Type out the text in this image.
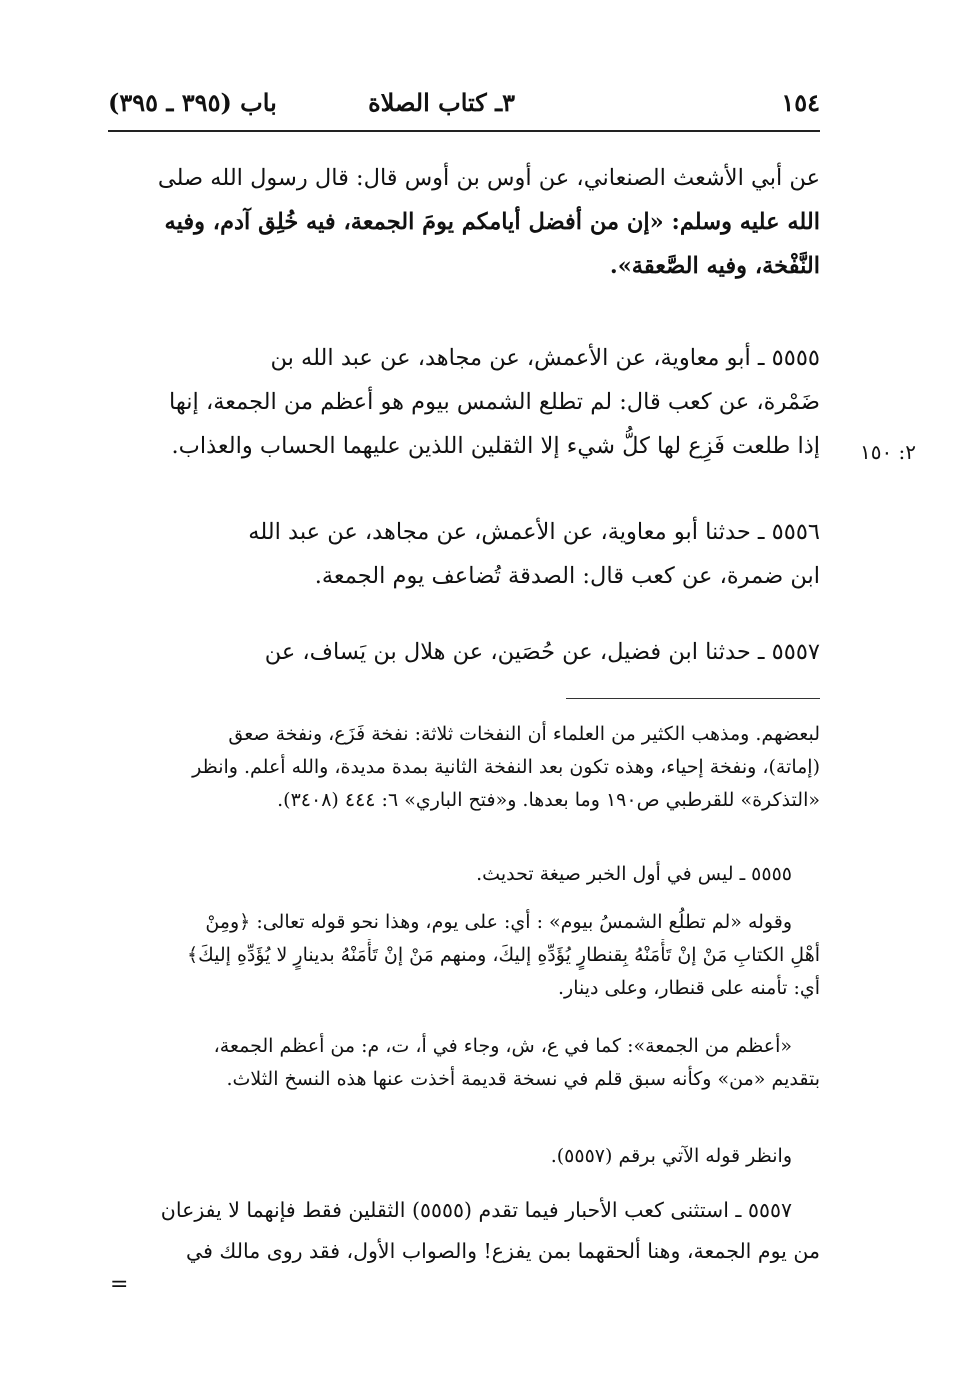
١٥٤
٣ـ كتاب الصلاة
باب (٣٩٥ ـ ٣٩٥)
عن أبي الأشعث الصنعاني، عن أوس بن أوس قال: قال رسول الله صلى
الله عليه وسلم: «إن من أفضل أيامكم يومَ الجمعة، فيه خُلِق آدم، وفيه
النَّفْخة، وفيه الصَّعقة».
٥٥٥٥ ـ أبو معاوية، عن الأعمش، عن مجاهد، عن عبد الله بن
ضَمْرة، عن كعب قال: لم تطلع الشمس بيوم هو أعظم من الجمعة، إنها
إذا طلعت فَزِع لها كلُّ شيء إلا الثقلين اللذين عليهما الحساب والعذاب.	٢: ١٥٠
٥٥٥٦ ـ حدثنا أبو معاوية، عن الأعمش، عن مجاهد، عن عبد الله
ابن ضمرة، عن كعب قال: الصدقة تُضاعف يوم الجمعة.
٥٥٥٧ ـ حدثنا ابن فضيل، عن حُصَين، عن هلال بن يَساف، عن
لبعضهم. ومذهب الكثير من العلماء أن النفخات ثلاثة: نفخة فَزَع، ونفخة صعق
(إماتة)، ونفخة إحياء، وهذه تكون بعد النفخة الثانية بمدة مديدة، والله أعلم. وانظر
«التذكرة» للقرطبي ص١٩٠ وما بعدها. و«فتح الباري» ٦: ٤٤٤ (٣٤٠٨).
٥٥٥٥ ـ ليس في أول الخبر صيغة تحديث.
وقوله «لم تطلُع الشمسُ بيوم» : أي: على يوم، وهذا نحو قوله تعالى: ﴿ومِنْ
أهْلِ الكتابِ مَنْ إنْ تَأْمَنْهُ بِقنطارٍ يُؤَدِّهِ إليكَ، ومنهم مَنْ إنْ تَأْمَنْهُ بدينارٍ لا يُؤَدِّهِ إليكَ﴾
أي: تأمنه على قنطار، وعلى دينار.
«أعظم من الجمعة»: كما في ع، ش، وجاء في أ، ت، م: من أعظم الجمعة،
بتقديم «من» وكأنه سبق قلم في نسخة قديمة أخذت عنها هذه النسخ الثلاث.
وانظر قوله الآتي برقم (٥٥٥٧).
٥٥٥٧ ـ استثنى كعب الأحبار فيما تقدم (٥٥٥٥) الثقلين فقط فإنهما لا يفزعان
من يوم الجمعة، وهنا ألحقهما بمن يفزع! والصواب الأول، فقد روى مالك في
=
